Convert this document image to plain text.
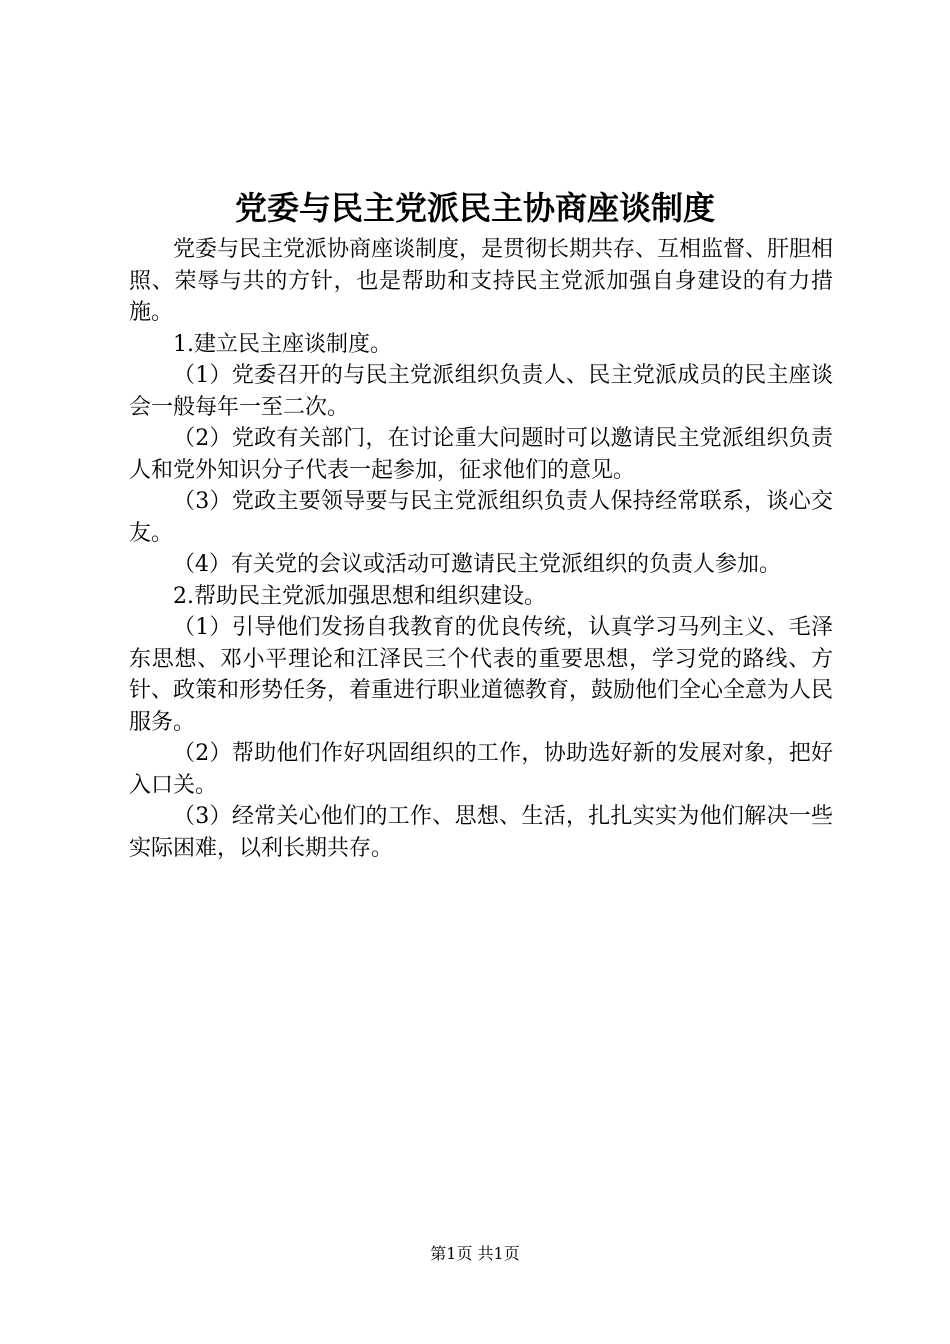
党委与民主党派民主协商座谈制度

党委与民主党派协商座谈制度，是贯彻长期共存、互相监督、肝胆相照、荣辱与共的方针，也是帮助和支持民主党派加强自身建设的有力措施。

1.建立民主座谈制度。

（1）党委召开的与民主党派组织负责人、民主党派成员的民主座谈会一般每年一至二次。

（2）党政有关部门，在讨论重大问题时可以邀请民主党派组织负责人和党外知识分子代表一起参加，征求他们的意见。

（3）党政主要领导要与民主党派组织负责人保持经常联系，谈心交友。

（4）有关党的会议或活动可邀请民主党派组织的负责人参加。

2.帮助民主党派加强思想和组织建设。

（1）引导他们发扬自我教育的优良传统，认真学习马列主义、毛泽东思想、邓小平理论和江泽民三个代表的重要思想，学习党的路线、方针、政策和形势任务，着重进行职业道德教育，鼓励他们全心全意为人民服务。

（2）帮助他们作好巩固组织的工作，协助选好新的发展对象，把好入口关。

（3）经常关心他们的工作、思想、生活，扎扎实实为他们解决一些实际困难，以利长期共存。

第1页 共1页
